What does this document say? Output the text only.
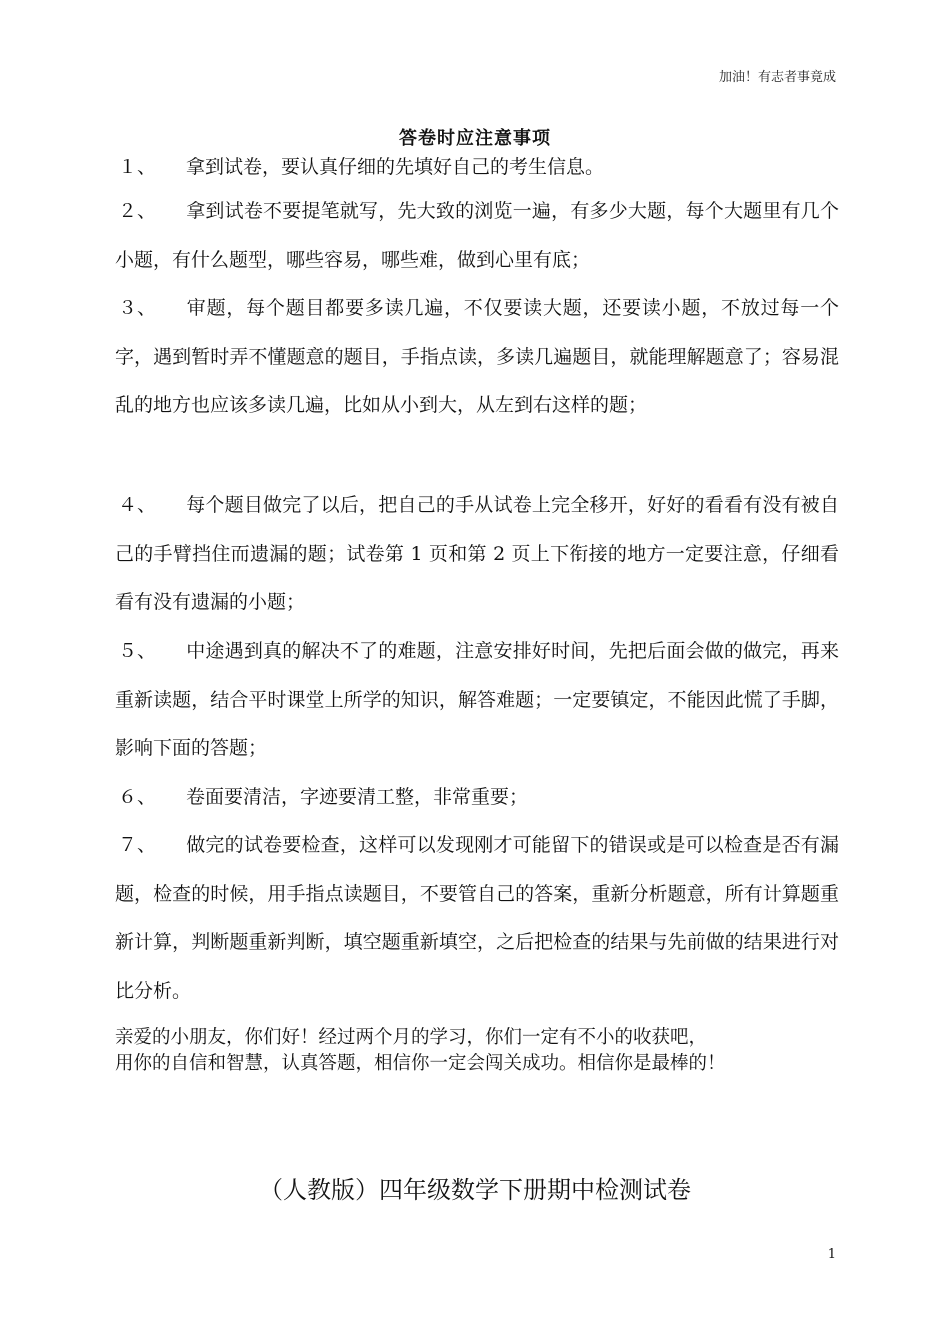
加油！有志者事竟成
答卷时应注意事项
１、 拿到试卷，要认真仔细的先填好自己的考生信息。
２、 拿到试卷不要提笔就写，先大致的浏览一遍，有多少大题，每个大题里有几个小题，有什么题型，哪些容易，哪些难，做到心里有底；
３、 审题，每个题目都要多读几遍，不仅要读大题，还要读小题，不放过每一个字，遇到暂时弄不懂题意的题目，手指点读，多读几遍题目，就能理解题意了；容易混乱的地方也应该多读几遍，比如从小到大，从左到右这样的题；
４、 每个题目做完了以后，把自己的手从试卷上完全移开，好好的看看有没有被自己的手臂挡住而遗漏的题；试卷第 1 页和第 2 页上下衔接的地方一定要注意，仔细看看有没有遗漏的小题；
５、 中途遇到真的解决不了的难题，注意安排好时间，先把后面会做的做完，再来重新读题，结合平时课堂上所学的知识，解答难题；一定要镇定，不能因此慌了手脚，影响下面的答题；
６、 卷面要清洁，字迹要清工整，非常重要；
７、 做完的试卷要检查，这样可以发现刚才可能留下的错误或是可以检查是否有漏题，检查的时候，用手指点读题目，不要管自己的答案，重新分析题意，所有计算题重新计算，判断题重新判断，填空题重新填空，之后把检查的结果与先前做的结果进行对比分析。
亲爱的小朋友，你们好！经过两个月的学习，你们一定有不小的收获吧，
用你的自信和智慧，认真答题，相信你一定会闯关成功。相信你是最棒的！
（人教版）四年级数学下册期中检测试卷
1
